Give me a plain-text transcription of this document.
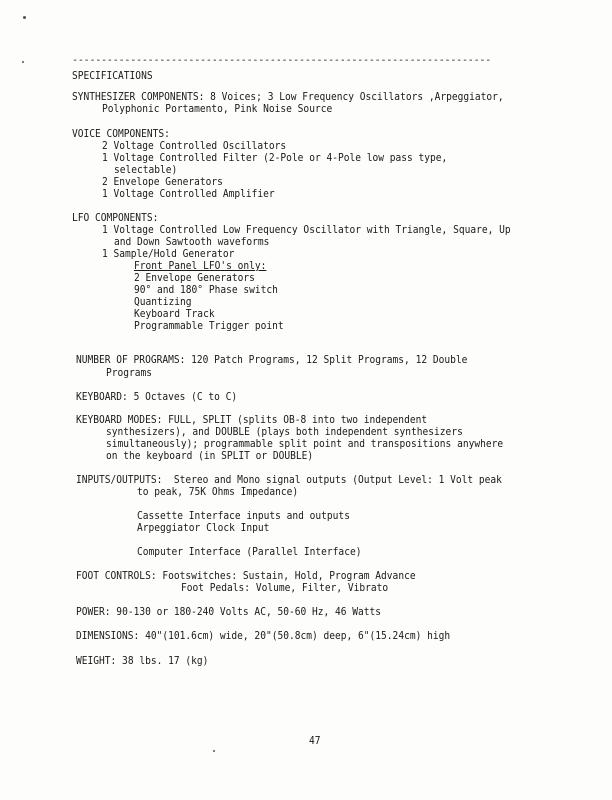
------------------------------------------------------------------------
SPECIFICATIONS
SYNTHESIZER COMPONENTS: 8 Voices; 3 Low Frequency Oscillators ,Arpeggiator,
Polyphonic Portamento, Pink Noise Source
VOICE COMPONENTS:
2 Voltage Controlled Oscillators
1 Voltage Controlled Filter (2-Pole or 4-Pole low pass type,
selectable)
2 Envelope Generators
1 Voltage Controlled Amplifier
LFO COMPONENTS:
1 Voltage Controlled Low Frequency Oscillator with Triangle, Square, Up
and Down Sawtooth waveforms
1 Sample/Hold Generator
Front Panel LFO's only:
2 Envelope Generators
90° and 180° Phase switch
Quantizing
Keyboard Track
Programmable Trigger point
NUMBER OF PROGRAMS: 120 Patch Programs, 12 Split Programs, 12 Double
Programs
KEYBOARD: 5 Octaves (C to C)
KEYBOARD MODES: FULL, SPLIT (splits OB-8 into two independent
synthesizers), and DOUBLE (plays both independent synthesizers
simultaneously); programmable split point and transpositions anywhere
on the keyboard (in SPLIT or DOUBLE)
INPUTS/OUTPUTS: Stereo and Mono signal outputs (Output Level: 1 Volt peak
to peak, 75K Ohms Impedance)
Cassette Interface inputs and outputs
Arpeggiator Clock Input
Computer Interface (Parallel Interface)
FOOT CONTROLS: Footswitches: Sustain, Hold, Program Advance
Foot Pedals: Volume, Filter, Vibrato
POWER: 90-130 or 180-240 Volts AC, 50-60 Hz, 46 Watts
DIMENSIONS: 40"(101.6cm) wide, 20"(50.8cm) deep, 6"(15.24cm) high
WEIGHT: 38 lbs. 17 (kg)
47
